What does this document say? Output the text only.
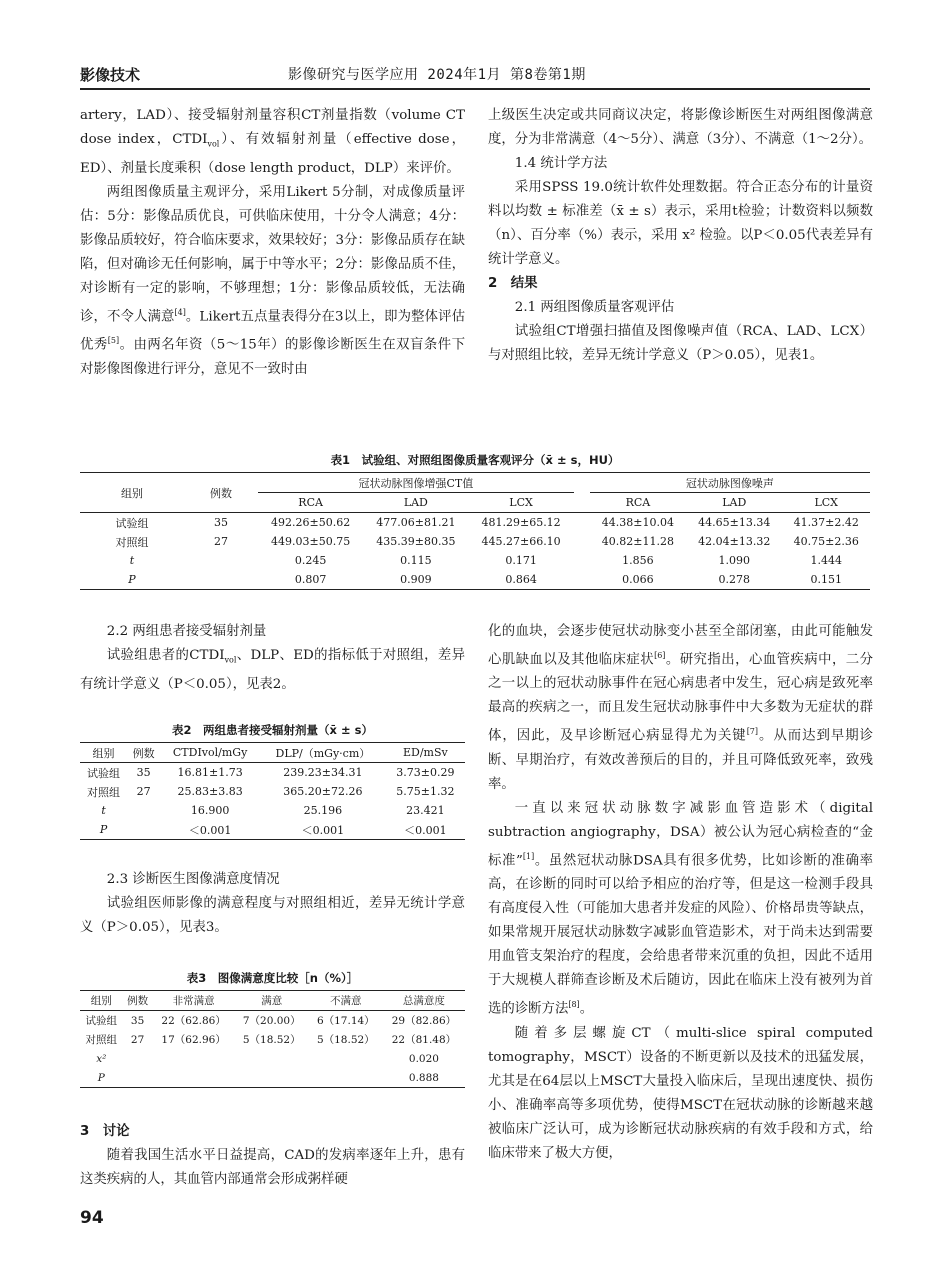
影像技术	影像研究与医学应用 2024年1月 第8卷第1期

artery，LAD）、接受辐射剂量容积CT剂量指数（volume CT dose index，$CTDI_{vol}$）、有效辐射剂量（effective dose，ED）、剂量长度乘积（dose length product，DLP）来评价。

两组图像质量主观评分，采用Likert 5分制，对成像质量评估：5分：影像品质优良，可供临床使用，十分令人满意；4分：影像品质较好，符合临床要求，效果较好；3分：影像品质存在缺陷，但对确诊无任何影响，属于中等水平；2分：影像品质不佳，对诊断有一定的影响，不够理想；1分：影像品质较低，无法确诊，不令人满意[4]。Likert五点量表得分在3以上，即为整体评估优秀[5]。由两名年资（5～15年）的影像诊断医生在双盲条件下对影像图像进行评分，意见不一致时由

上级医生决定或共同商议决定，将影像诊断医生对两组图像满意度，分为非常满意（4～5分）、满意（3分）、不满意（1～2分）。

1.4 统计学方法

采用SPSS 19.0统计软件处理数据。符合正态分布的计量资料以均数 ± 标准差（x̄ ± s）表示，采用t检验；计数资料以频数（n）、百分率（%）表示，采用 x² 检验。以P＜0.05代表差异有统计学意义。

2　结果

2.1 两组图像质量客观评估

试验组CT增强扫描值及图像噪声值（RCA、LAD、LCX）与对照组比较，差异无统计学意义（P＞0.05），见表1。

表1　试验组、对照组图像质量客观评分（x̄ ± s，HU）
组别	例数	冠状动脉图像增强CT值				冠状动脉图像噪声		
		RCA	LAD	LCX		RCA	LAD	LCX
试验组	35	492.26±50.62	477.06±81.21	481.29±65.12		44.38±10.04	44.65±13.34	41.37±2.42
对照组	27	449.03±50.75	435.39±80.35	445.27±66.10		40.82±11.28	42.04±13.32	40.75±2.36
t		0.245	0.115	0.171		1.856	1.090	1.444
P		0.807	0.909	0.864		0.066	0.278	0.151

2.2 两组患者接受辐射剂量

试验组患者的$CTDI_{vol}$、DLP、ED的指标低于对照组，差异有统计学意义（P＜0.05），见表2。

表2　两组患者接受辐射剂量（x̄ ± s）
组别	例数	CTDIvol/mGy	DLP/（mGy·cm）	ED/mSv
试验组	35	16.81±1.73	239.23±34.31	3.73±0.29
对照组	27	25.83±3.83	365.20±72.26	5.75±1.32
t		16.900	25.196	23.421
P		＜0.001	＜0.001	＜0.001

2.3 诊断医生图像满意度情况

试验组医师影像的满意程度与对照组相近，差异无统计学意义（P＞0.05），见表3。

表3　图像满意度比较［n（%）］
组别	例数	非常满意	满意	不满意	总满意度
试验组	35	22（62.86）	7（20.00）	6（17.14）	29（82.86）
对照组	27	17（62.96）	5（18.52）	5（18.52）	22（81.48）
x²					0.020
P					0.888

3　讨论

随着我国生活水平日益提高，CAD的发病率逐年上升，患有这类疾病的人，其血管内部通常会形成粥样硬

化的血块，会逐步使冠状动脉变小甚至全部闭塞，由此可能触发心肌缺血以及其他临床症状[6]。研究指出，心血管疾病中，二分之一以上的冠状动脉事件在冠心病患者中发生，冠心病是致死率最高的疾病之一，而且发生冠状动脉事件中大多数为无症状的群体，因此，及早诊断冠心病显得尤为关键[7]。从而达到早期诊断、早期治疗，有效改善预后的目的，并且可降低致死率，致残率。

一直以来冠状动脉数字减影血管造影术（digital subtraction angiography，DSA）被公认为冠心病检查的“金标准”[1]。虽然冠状动脉DSA具有很多优势，比如诊断的准确率高，在诊断的同时可以给予相应的治疗等，但是这一检测手段具有高度侵入性（可能加大患者并发症的风险）、价格昂贵等缺点，如果常规开展冠状动脉数字减影血管造影术，对于尚未达到需要用血管支架治疗的程度，会给患者带来沉重的负担，因此不适用于大规模人群筛查诊断及术后随访，因此在临床上没有被列为首选的诊断方法[8]。

随着多层螺旋CT（multi-slice spiral computed tomography，MSCT）设备的不断更新以及技术的迅猛发展，尤其是在64层以上MSCT大量投入临床后，呈现出速度快、损伤小、准确率高等多项优势，使得MSCT在冠状动脉的诊断越来越被临床广泛认可，成为诊断冠状动脉疾病的有效手段和方式，给临床带来了极大方便，

94
